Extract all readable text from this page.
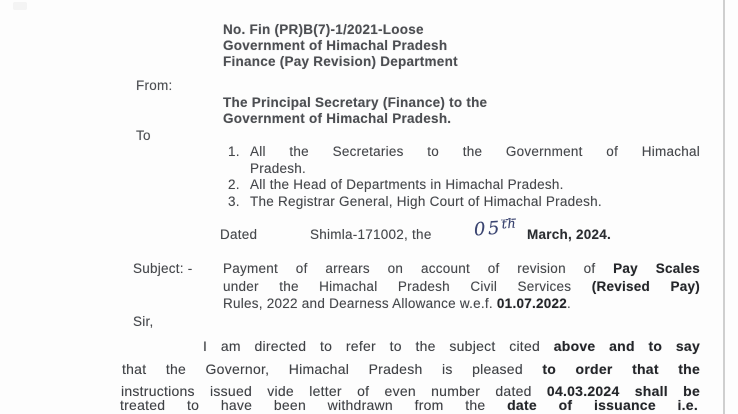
No. Fin (PR)B(7)-1/2021-Loose
Government of Himachal Pradesh
Finance (Pay Revision) Department
From:
The Principal Secretary (Finance) to the
Government of Himachal Pradesh.
To
1. All the Secretaries to the Government of Himachal
Pradesh.
2. All the Head of Departments in Himachal Pradesh.
3. The Registrar General, High Court of Himachal Pradesh.
Dated	Shimla-171002, the 05th
March, 2024.
Subject: - Payment of arrears on account of revision of Pay Scales
under the Himachal Pradesh Civil Services (Revised Pay)
Rules, 2022 and Dearness Allowance w.e.f. 01.07.2022.
Sir,
I am directed to refer to the subject cited above and to say
that the Governor, Himachal Pradesh is pleased to order that the
instructions issued vide letter of even number dated 04.03.2024 shall be
treated to have been withdrawn from the date of issuance i.e.
